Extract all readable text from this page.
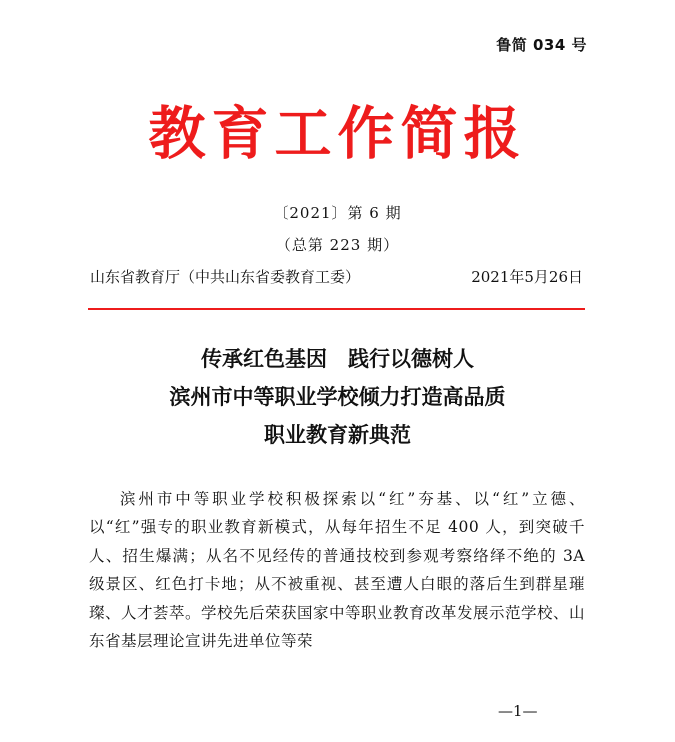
鲁简 034 号
教育工作简报
〔2021〕第 6 期
（总第 223 期）
山东省教育厅（中共山东省委教育工委）	2021年5月26日
传承红色基因　践行以德树人
滨州市中等职业学校倾力打造高品质
职业教育新典范
滨州市中等职业学校积极探索以“红”夯基、以“红”立德、以“红”强专的职业教育新模式，从每年招生不足 400 人，到突破千人、招生爆满；从名不见经传的普通技校到参观考察络绎不绝的 3A 级景区、红色打卡地；从不被重视、甚至遭人白眼的落后生到群星璀璨、人才荟萃。学校先后荣获国家中等职业教育改革发展示范学校、山东省基层理论宣讲先进单位等荣
—1—
